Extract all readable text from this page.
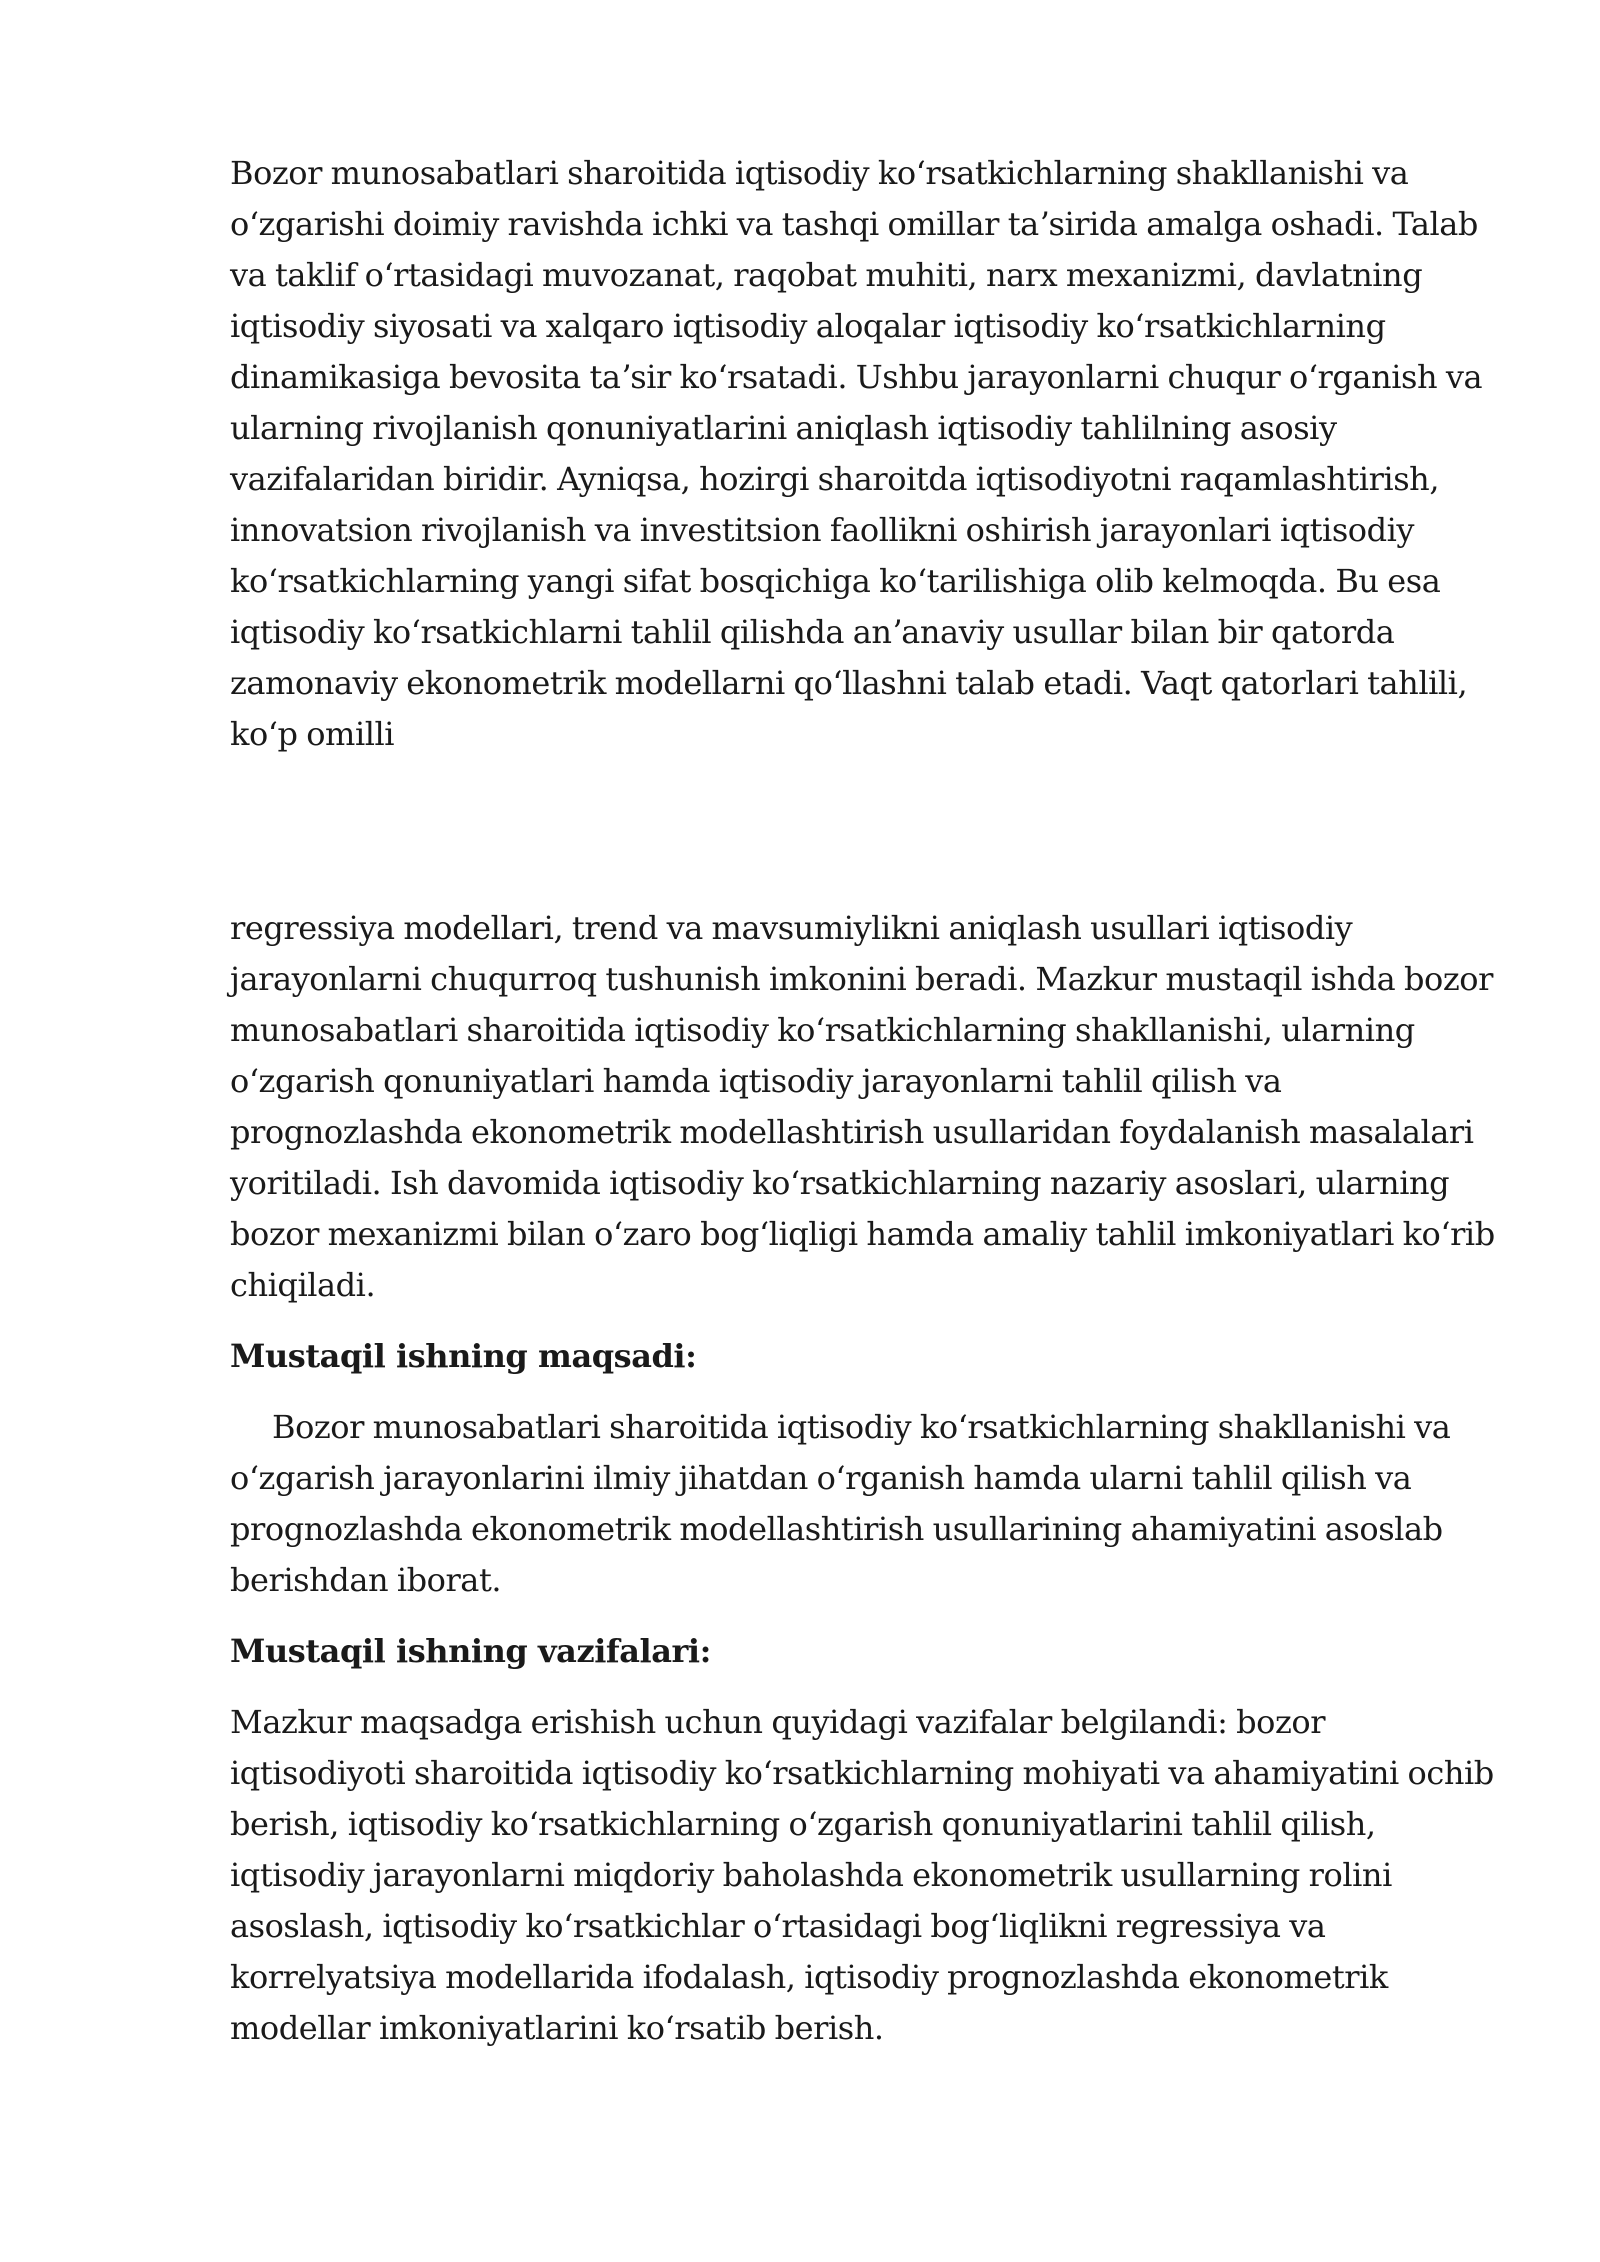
Bozor munosabatlari sharoitida iqtisodiy koʻrsatkichlarning shakllanishi va oʻzgarishi doimiy ravishda ichki va tashqi omillar taʼsirida amalga oshadi. Talab va taklif oʻrtasidagi muvozanat, raqobat muhiti, narx mexanizmi, davlatning iqtisodiy siyosati va xalqaro iqtisodiy aloqalar iqtisodiy koʻrsatkichlarning dinamikasiga bevosita taʼsir koʻrsatadi. Ushbu jarayonlarni chuqur oʻrganish va ularning rivojlanish qonuniyatlarini aniqlash iqtisodiy tahlilning asosiy vazifalaridan biridir. Ayniqsa, hozirgi sharoitda iqtisodiyotni raqamlashtirish, innovatsion rivojlanish va investitsion faollikni oshirish jarayonlari iqtisodiy koʻrsatkichlarning yangi sifat bosqichiga koʻtarilishiga olib kelmoqda. Bu esa iqtisodiy koʻrsatkichlarni tahlil qilishda anʼanaviy usullar bilan bir qatorda zamonaviy ekonometrik modellarni qoʻllashni talab etadi. Vaqt qatorlari tahlili, koʻp omilli

regressiya modellari, trend va mavsumiylikni aniqlash usullari iqtisodiy jarayonlarni chuqurroq tushunish imkonini beradi. Mazkur mustaqil ishda bozor munosabatlari sharoitida iqtisodiy koʻrsatkichlarning shakllanishi, ularning oʻzgarish qonuniyatlari hamda iqtisodiy jarayonlarni tahlil qilish va prognozlashda ekonometrik modellashtirish usullaridan foydalanish masalalari yoritiladi. Ish davomida iqtisodiy koʻrsatkichlarning nazariy asoslari, ularning bozor mexanizmi bilan oʻzaro bogʻliqligi hamda amaliy tahlil imkoniyatlari koʻrib chiqiladi.

Mustaqil ishning maqsadi:

Bozor munosabatlari sharoitida iqtisodiy koʻrsatkichlarning shakllanishi va oʻzgarish jarayonlarini ilmiy jihatdan oʻrganish hamda ularni tahlil qilish va prognozlashda ekonometrik modellashtirish usullarining ahamiyatini asoslab berishdan iborat.

Mustaqil ishning vazifalari:

Mazkur maqsadga erishish uchun quyidagi vazifalar belgilandi: bozor iqtisodiyoti sharoitida iqtisodiy koʻrsatkichlarning mohiyati va ahamiyatini ochib berish, iqtisodiy koʻrsatkichlarning oʻzgarish qonuniyatlarini tahlil qilish, iqtisodiy jarayonlarni miqdoriy baholashda ekonometrik usullarning rolini asoslash, iqtisodiy koʻrsatkichlar oʻrtasidagi bogʻliqlikni regressiya va korrelyatsiya modellarida ifodalash, iqtisodiy prognozlashda ekonometrik modellar imkoniyatlarini koʻrsatib berish.
